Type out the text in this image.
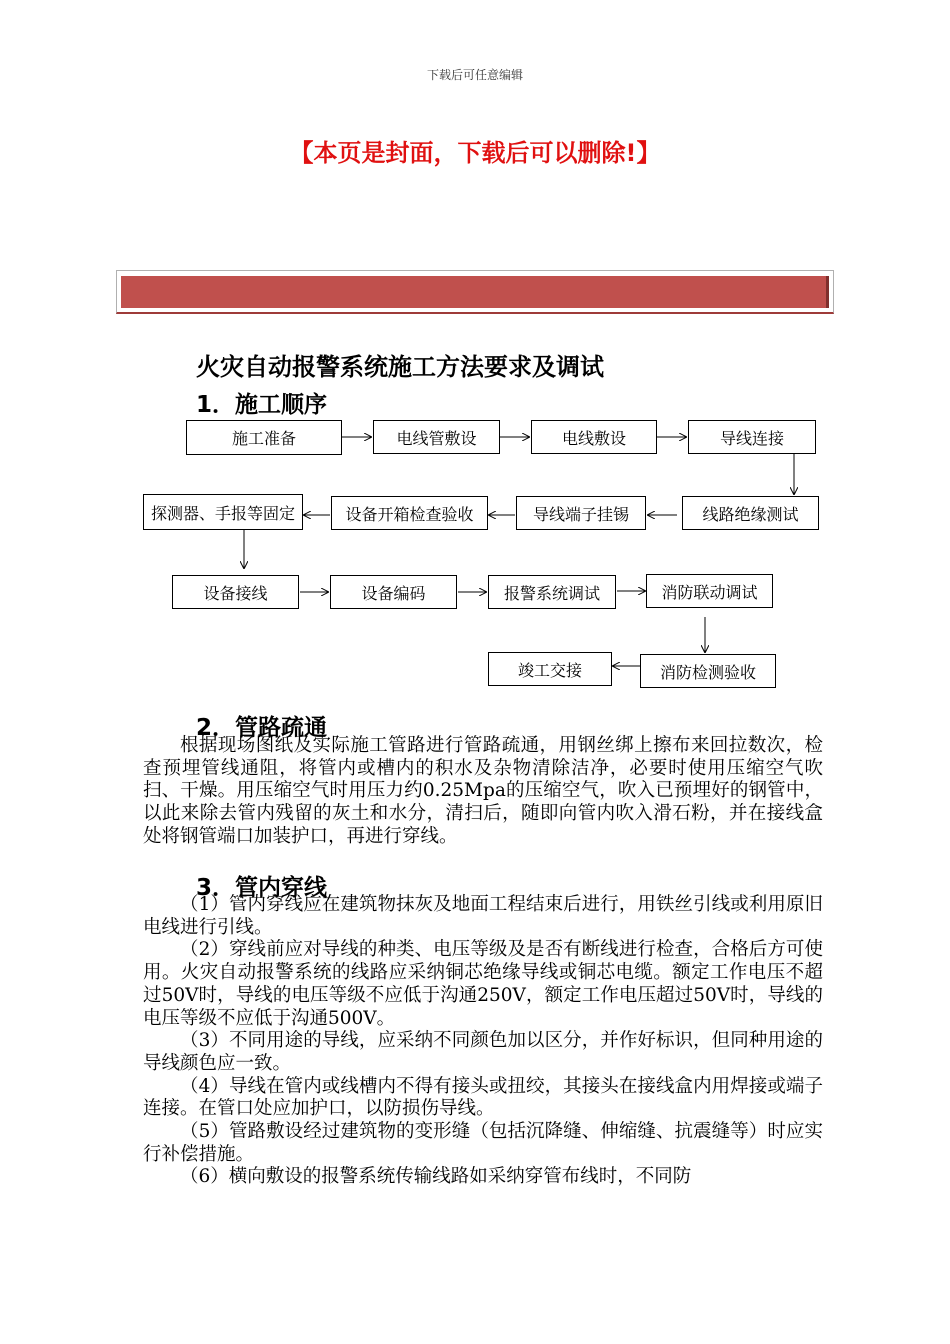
下载后可任意编辑
【本页是封面，下载后可以删除!】
火灾自动报警系统施工方法要求及调试
1．施工顺序
施工准备	电线管敷设	电线敷设	导线连接
线路绝缘测试
导线端子挂锡
设备开箱检查验收
探测器、手报等固定
设备接线	设备编码	报警系统调试	消防联动调试
消防检测验收
竣工交接
2．管路疏通

根据现场图纸及实际施工管路进行管路疏通，用钢丝绑上擦布来回拉数次，检查预埋管线通阻，将管内或槽内的积水及杂物清除洁净，必要时使用压缩空气吹扫、干燥。用压缩空气时用压力约0.25Mpa的压缩空气，吹入已预埋好的钢管中，以此来除去管内残留的灰土和水分，清扫后，随即向管内吹入滑石粉，并在接线盒处将钢管端口加装护口，再进行穿线。

3．管内穿线

（1）管内穿线应在建筑物抹灰及地面工程结束后进行，用铁丝引线或利用原旧电线进行引线。

（2）穿线前应对导线的种类、电压等级及是否有断线进行检查，合格后方可使用。火灾自动报警系统的线路应采纳铜芯绝缘导线或铜芯电缆。额定工作电压不超过50V时，导线的电压等级不应低于沟通250V，额定工作电压超过50V时，导线的电压等级不应低于沟通500V。

（3）不同用途的导线，应采纳不同颜色加以区分，并作好标识，但同种用途的导线颜色应一致。

（4）导线在管内或线槽内不得有接头或扭绞，其接头在接线盒内用焊接或端子连接。在管口处应加护口，以防损伤导线。

（5）管路敷设经过建筑物的变形缝（包括沉降缝、伸缩缝、抗震缝等）时应实行补偿措施。

（6）横向敷设的报警系统传输线路如采纳穿管布线时，不同防
